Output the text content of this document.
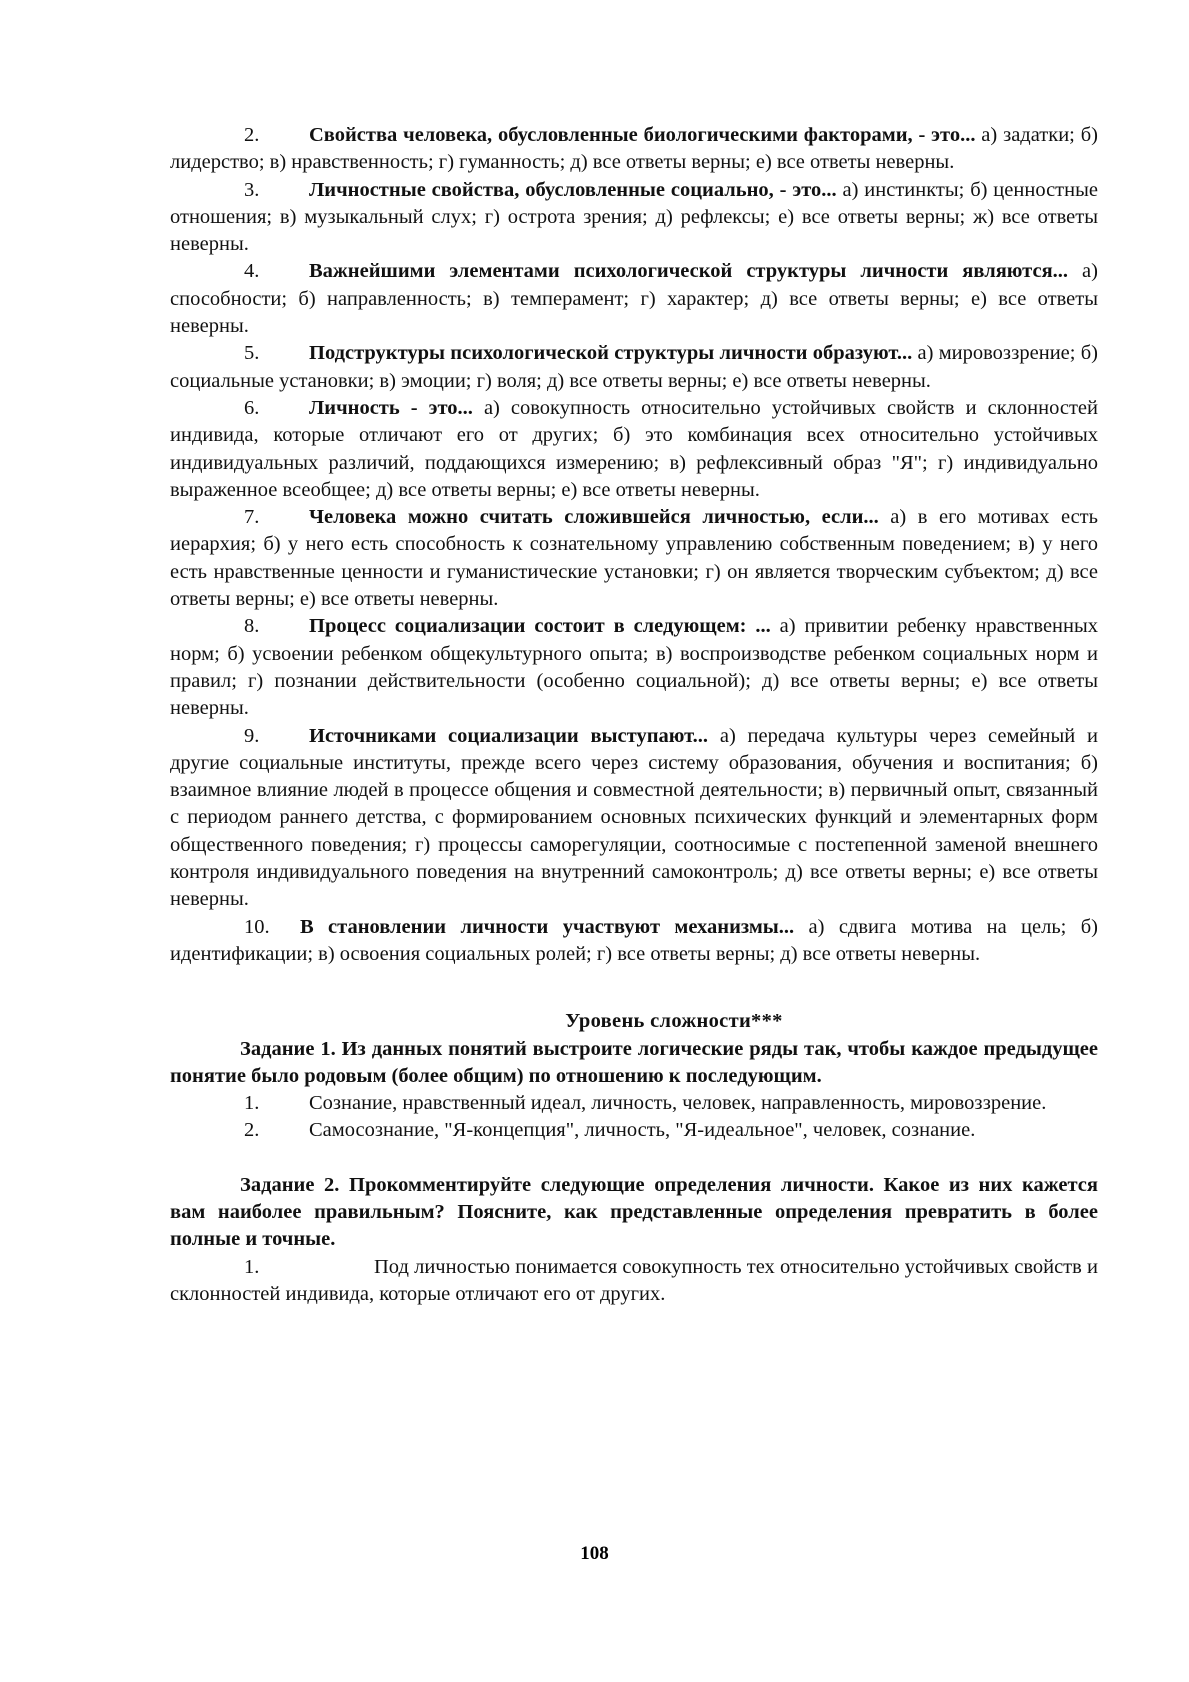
2. Свойства человека, обусловленные биологическими факторами, - это... а) задатки; б) лидерство; в) нравственность; г) гуманность; д) все ответы верны; е) все ответы неверны.

3. Личностные свойства, обусловленные социально, - это... а) инстинкты; б) ценностные отношения; в) музыкальный слух; г) острота зрения; д) рефлексы; е) все ответы верны; ж) все ответы неверны.

4. Важнейшими элементами психологической структуры личности являются... а) способности; б) направленность; в) темперамент; г) характер; д) все ответы верны; е) все ответы неверны.

5. Подструктуры психологической структуры личности образуют... а) мировоззрение; б) социальные установки; в) эмоции; г) воля; д) все ответы верны; е) все ответы неверны.

6. Личность - это... а) совокупность относительно устойчивых свойств и склонностей индивида, которые отличают его от других; б) это комбинация всех относительно устойчивых индивидуальных различий, поддающихся измерению; в) рефлексивный образ "Я"; г) индивидуально выраженное всеобщее; д) все ответы верны; е) все ответы неверны.

7. Человека можно считать сложившейся личностью, если... а) в его мотивах есть иерархия; б) у него есть способность к сознательному управлению собственным поведением; в) у него есть нравственные ценности и гуманистические установки; г) он является творческим субъектом; д) все ответы верны; е) все ответы неверны.

8. Процесс социализации состоит в следующем: ... а) привитии ребенку нравственных норм; б) усвоении ребенком общекультурного опыта; в) воспроизводстве ребенком социальных норм и правил; г) познании действительности (особенно социальной); д) все ответы верны; е) все ответы неверны.

9. Источниками социализации выступают... а) передача культуры через семейный и другие социальные институты, прежде всего через систему образования, обучения и воспитания; б) взаимное влияние людей в процессе общения и совместной деятельности; в) первичный опыт, связанный с периодом раннего детства, с формированием основных психических функций и элементарных форм общественного поведения; г) процессы саморегуляции, соотносимые с постепенной заменой внешнего контроля индивидуального поведения на внутренний самоконтроль; д) все ответы верны; е) все ответы неверны.

10. В становлении личности участвуют механизмы... а) сдвига мотива на цель; б) идентификации; в) освоения социальных ролей; г) все ответы верны; д) все ответы неверны.

Уровень сложности***

Задание 1. Из данных понятий выстроите логические ряды так, чтобы каждое предыдущее понятие было родовым (более общим) по отношению к последующим.

1. Сознание, нравственный идеал, личность, человек, направленность, мировоззрение.

2. Самосознание, "Я-концепция", личность, "Я-идеальное", человек, сознание.

Задание 2. Прокомментируйте следующие определения личности. Какое из них кажется вам наиболее правильным? Поясните, как представленные определения превратить в более полные и точные.

1.	Под личностью понимается совокупность тех относительно устойчивых свойств и склонностей индивида, которые отличают его от других.

108
